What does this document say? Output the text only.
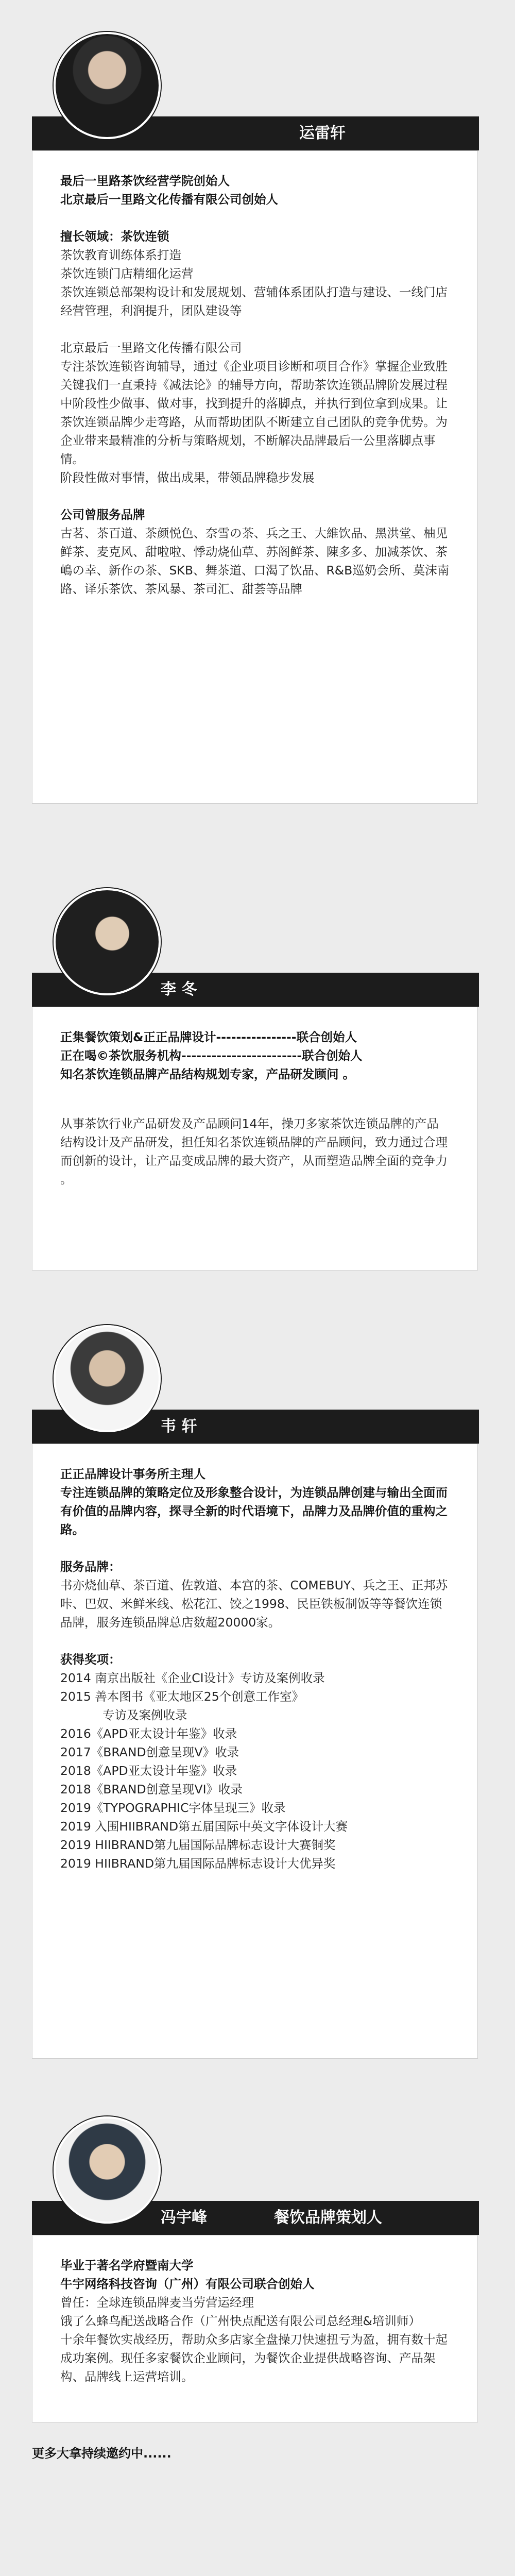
运雷轩

最后一里路茶饮经营学院创始人

北京最后一里路文化传播有限公司创始人

擅长领域：茶饮连锁

茶饮教育训练体系打造

茶饮连锁门店精细化运营

茶饮连锁总部架构设计和发展规划、营辅体系团队打造与建设、一线门店经营管理，利润提升，团队建设等

北京最后一里路文化传播有限公司

专注茶饮连锁咨询辅导，通过《企业项目诊断和项目合作》掌握企业致胜关键我们一直秉持《减法论》的辅导方向，帮助茶饮连锁品牌阶发展过程中阶段性少做事、做对事，找到提升的落脚点，并执行到位拿到成果。让茶饮连锁品牌少走弯路，从而帮助团队不断建立自己团队的竞争优势。为企业带来最精准的分析与策略规划，不断解决品牌最后一公里落脚点事情。

阶段性做对事情，做出成果，带领品牌稳步发展

公司曾服务品牌

古茗、茶百道、茶颜悦色、奈雪の茶、兵之王、大維饮品、黑洪堂、柚见鲜茶、麦克风、甜啦啦、悸动烧仙草、苏阁鲜茶、陳多多、加减茶饮、茶嶋の幸、新作の茶、SKB、舞茶道、口渴了饮品、R&B巡奶会所、莫沫南路、译乐茶饮、茶风暴、茶司汇、甜荟等品牌

李 冬

正集餐饮策划&正正品牌设计----------------联合创始人

正在喝©茶饮服务机构------------------------联合创始人

知名茶饮连锁品牌产品结构规划专家，产品研发顾问 。

从事茶饮行业产品研发及产品顾问14年，操刀多家茶饮连锁品牌的产品结构设计及产品研发，担任知名茶饮连锁品牌的产品顾问，致力通过合理而创新的设计，让产品变成品牌的最大资产，从而塑造品牌全面的竞争力 。

韦 轩

正正品牌设计事务所主理人

专注连锁品牌的策略定位及形象整合设计，为连锁品牌创建与输出全面而有价值的品牌内容，探寻全新的时代语境下，品牌力及品牌价值的重构之路。

服务品牌：

书亦烧仙草、茶百道、佐敦道、本宫的茶、COMEBUY、兵之王、正邦苏咔、巴奴、米鲜米线、松花江、饺之1998、民臣铁板制饭等等餐饮连锁品牌，服务连锁品牌总店数超20000家。

获得奖项：

2014 南京出版社《企业CI设计》专访及案例收录

2015 善本图书《亚太地区25个创意工作室》

专访及案例收录

2016《APD亚太设计年鉴》收录

2017《BRAND创意呈现V》收录

2018《APD亚太设计年鉴》收录

2018《BRAND创意呈现VI》收录

2019《TYPOGRAPHIC字体呈现三》收录

2019 入围HIIBRAND第五届国际中英文字体设计大赛

2019 HIIBRAND第九届国际品牌标志设计大赛铜奖

2019 HIIBRAND第九届国际品牌标志设计大优异奖

冯宇峰	餐饮品牌策划人

毕业于著名学府暨南大学

牛宇网络科技咨询（广州）有限公司联合创始人

曾任：全球连锁品牌麦当劳营运经理

饿了么蜂鸟配送战略合作（广州快点配送有限公司总经理&培训师）

十余年餐饮实战经历，帮助众多店家全盘操刀快速扭亏为盈，拥有数十起成功案例。现任多家餐饮企业顾问，为餐饮企业提供战略咨询、产品架构、品牌线上运营培训。

更多大拿持续邀约中......
